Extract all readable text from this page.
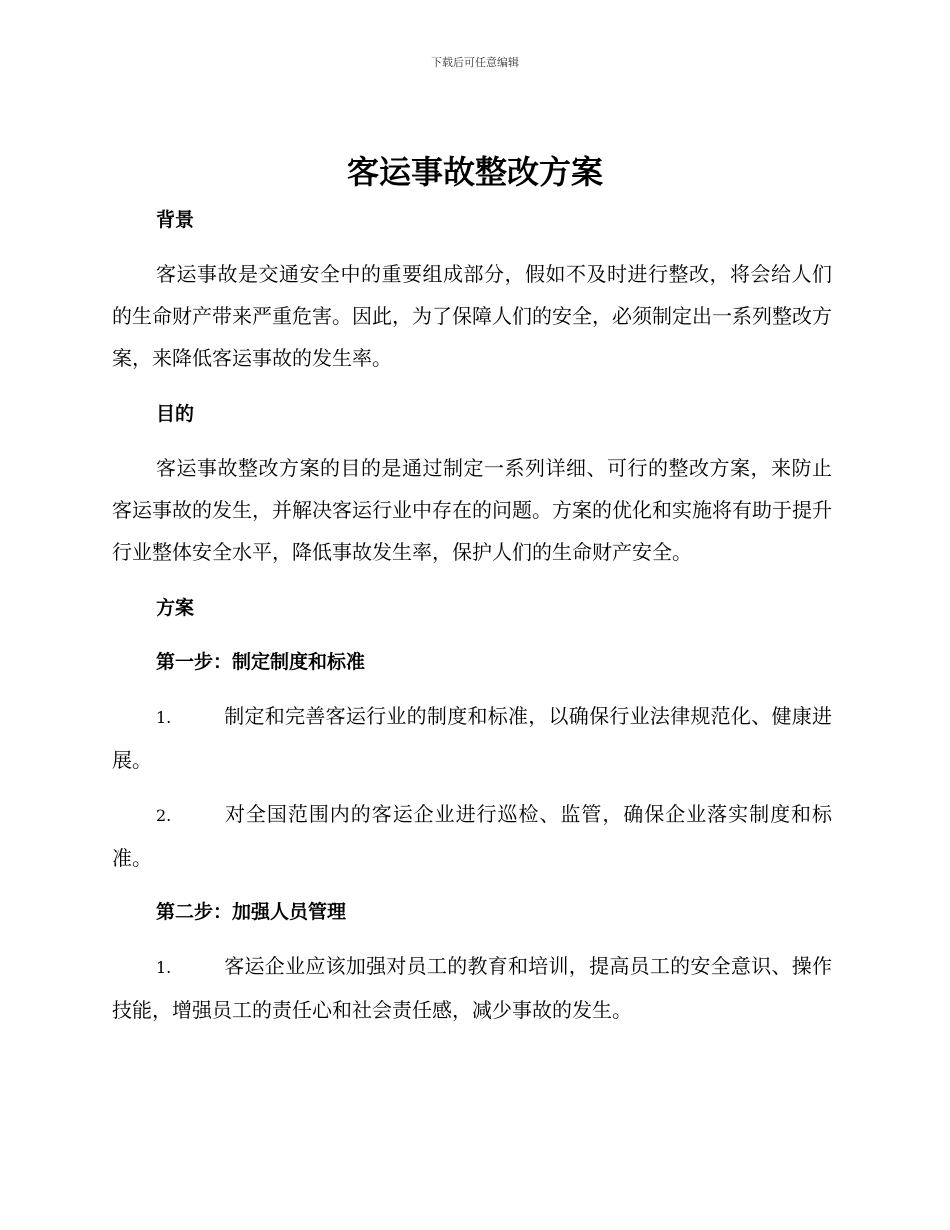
下载后可任意编辑
客运事故整改方案

背景

客运事故是交通安全中的重要组成部分，假如不及时进行整改，将会给人们的生命财产带来严重危害。因此，为了保障人们的安全，必须制定出一系列整改方案，来降低客运事故的发生率。

目的

客运事故整改方案的目的是通过制定一系列详细、可行的整改方案，来防止客运事故的发生，并解决客运行业中存在的问题。方案的优化和实施将有助于提升行业整体安全水平，降低事故发生率，保护人们的生命财产安全。

方案

第一步：制定制度和标准

1.	制定和完善客运行业的制度和标准，以确保行业法律规范化、健康进展。

2.	对全国范围内的客运企业进行巡检、监管，确保企业落实制度和标准。

第二步：加强人员管理

1.	客运企业应该加强对员工的教育和培训，提高员工的安全意识、操作技能，增强员工的责任心和社会责任感，减少事故的发生。
